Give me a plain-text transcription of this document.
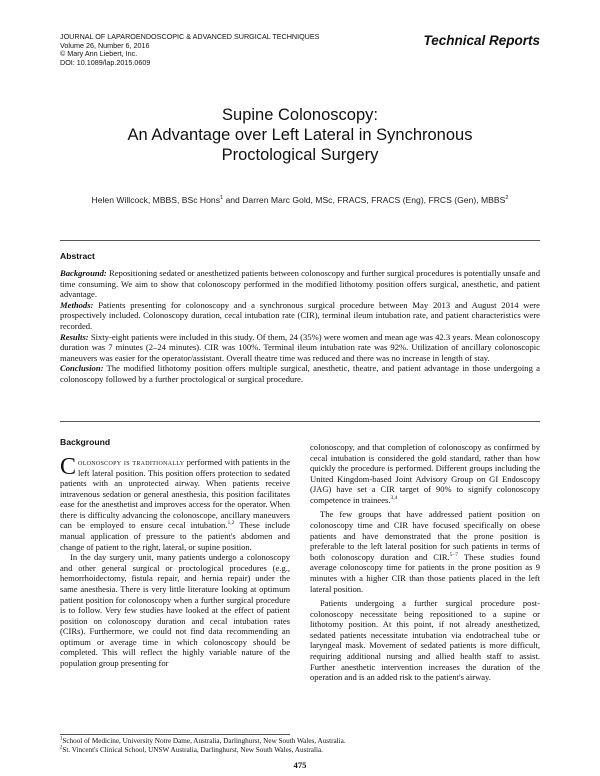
JOURNAL OF LAPAROENDOSCOPIC & ADVANCED SURGICAL TECHNIQUES
Volume 26, Number 6, 2016
© Mary Ann Liebert, Inc.
DOI: 10.1089/lap.2015.0609
Technical Reports
Supine Colonoscopy:
An Advantage over Left Lateral in Synchronous
Proctological Surgery
Helen Willcock, MBBS, BSc Hons$^1$ and Darren Marc Gold, MSc, FRACS, FRACS (Eng), FRCS (Gen), MBBS$^2$
Abstract

Background: Repositioning sedated or anesthetized patients between colonoscopy and further surgical procedures is potentially unsafe and time consuming. We aim to show that colonoscopy performed in the modified lithotomy position offers surgical, anesthetic, and patient advantage.

Methods: Patients presenting for colonoscopy and a synchronous surgical procedure between May 2013 and August 2014 were prospectively included. Colonoscopy duration, cecal intubation rate (CIR), terminal ileum intubation rate, and patient characteristics were recorded.

Results: Sixty-eight patients were included in this study. Of them, 24 (35%) were women and mean age was 42.3 years. Mean colonoscopy duration was 7 minutes (2–24 minutes). CIR was 100%. Terminal ileum intubation rate was 92%. Utilization of ancillary colonoscopic maneuvers was easier for the operator/assistant. Overall theatre time was reduced and there was no increase in length of stay.

Conclusion: The modified lithotomy position offers multiple surgical, anesthetic, theatre, and patient advantage in those undergoing a colonoscopy followed by a further proctological or surgical procedure.

Background

Colonoscopy is traditionally performed with patients in the left lateral position. This position offers protection to sedated patients with an unprotected airway. When patients receive intravenous sedation or general anesthesia, this position facilitates ease for the anesthetist and improves access for the operator. When there is difficulty advancing the colonoscope, ancillary maneuvers can be employed to ensure cecal intubation.$^{1,2}$ These include manual application of pressure to the patient's abdomen and change of patient to the right, lateral, or supine position.

In the day surgery unit, many patients undergo a colonoscopy and other general surgical or proctological procedures (e.g., hemorrhoidectomy, fistula repair, and hernia repair) under the same anesthesia. There is very little literature looking at optimum patient position for colonoscopy when a further surgical procedure is to follow. Very few studies have looked at the effect of patient position on colonoscopy duration and cecal intubation rates (CIRs). Furthermore, we could not find data recommending an optimum or average time in which colonoscopy should be completed. This will reflect the highly variable nature of the population group presenting for

colonoscopy, and that completion of colonoscopy as confirmed by cecal intubation is considered the gold standard, rather than how quickly the procedure is performed. Different groups including the United Kingdom-based Joint Advisory Group on GI Endoscopy (JAG) have set a CIR target of 90% to signify colonoscopy competence in trainees.$^{3,4}$

The few groups that have addressed patient position on colonoscopy time and CIR have focused specifically on obese patients and have demonstrated that the prone position is preferable to the left lateral position for such patients in terms of both colonoscopy duration and CIR.$^{5-7}$ These studies found average colonoscopy time for patients in the prone position as 9 minutes with a higher CIR than those patients placed in the left lateral position.

Patients undergoing a further surgical procedure post-colonoscopy necessitate being repositioned to a supine or lithotomy position. At this point, if not already anesthetized, sedated patients necessitate intubation via endotracheal tube or laryngeal mask. Movement of sedated patients is more difficult, requiring additional nursing and allied health staff to assist. Further anesthetic intervention increases the duration of the operation and is an added risk to the patient's airway.

$^1$School of Medicine, University Notre Dame, Australia, Darlinghurst, New South Wales, Australia.
$^2$St. Vincent's Clinical School, UNSW Australia, Darlinghurst, New South Wales, Australia.
475
